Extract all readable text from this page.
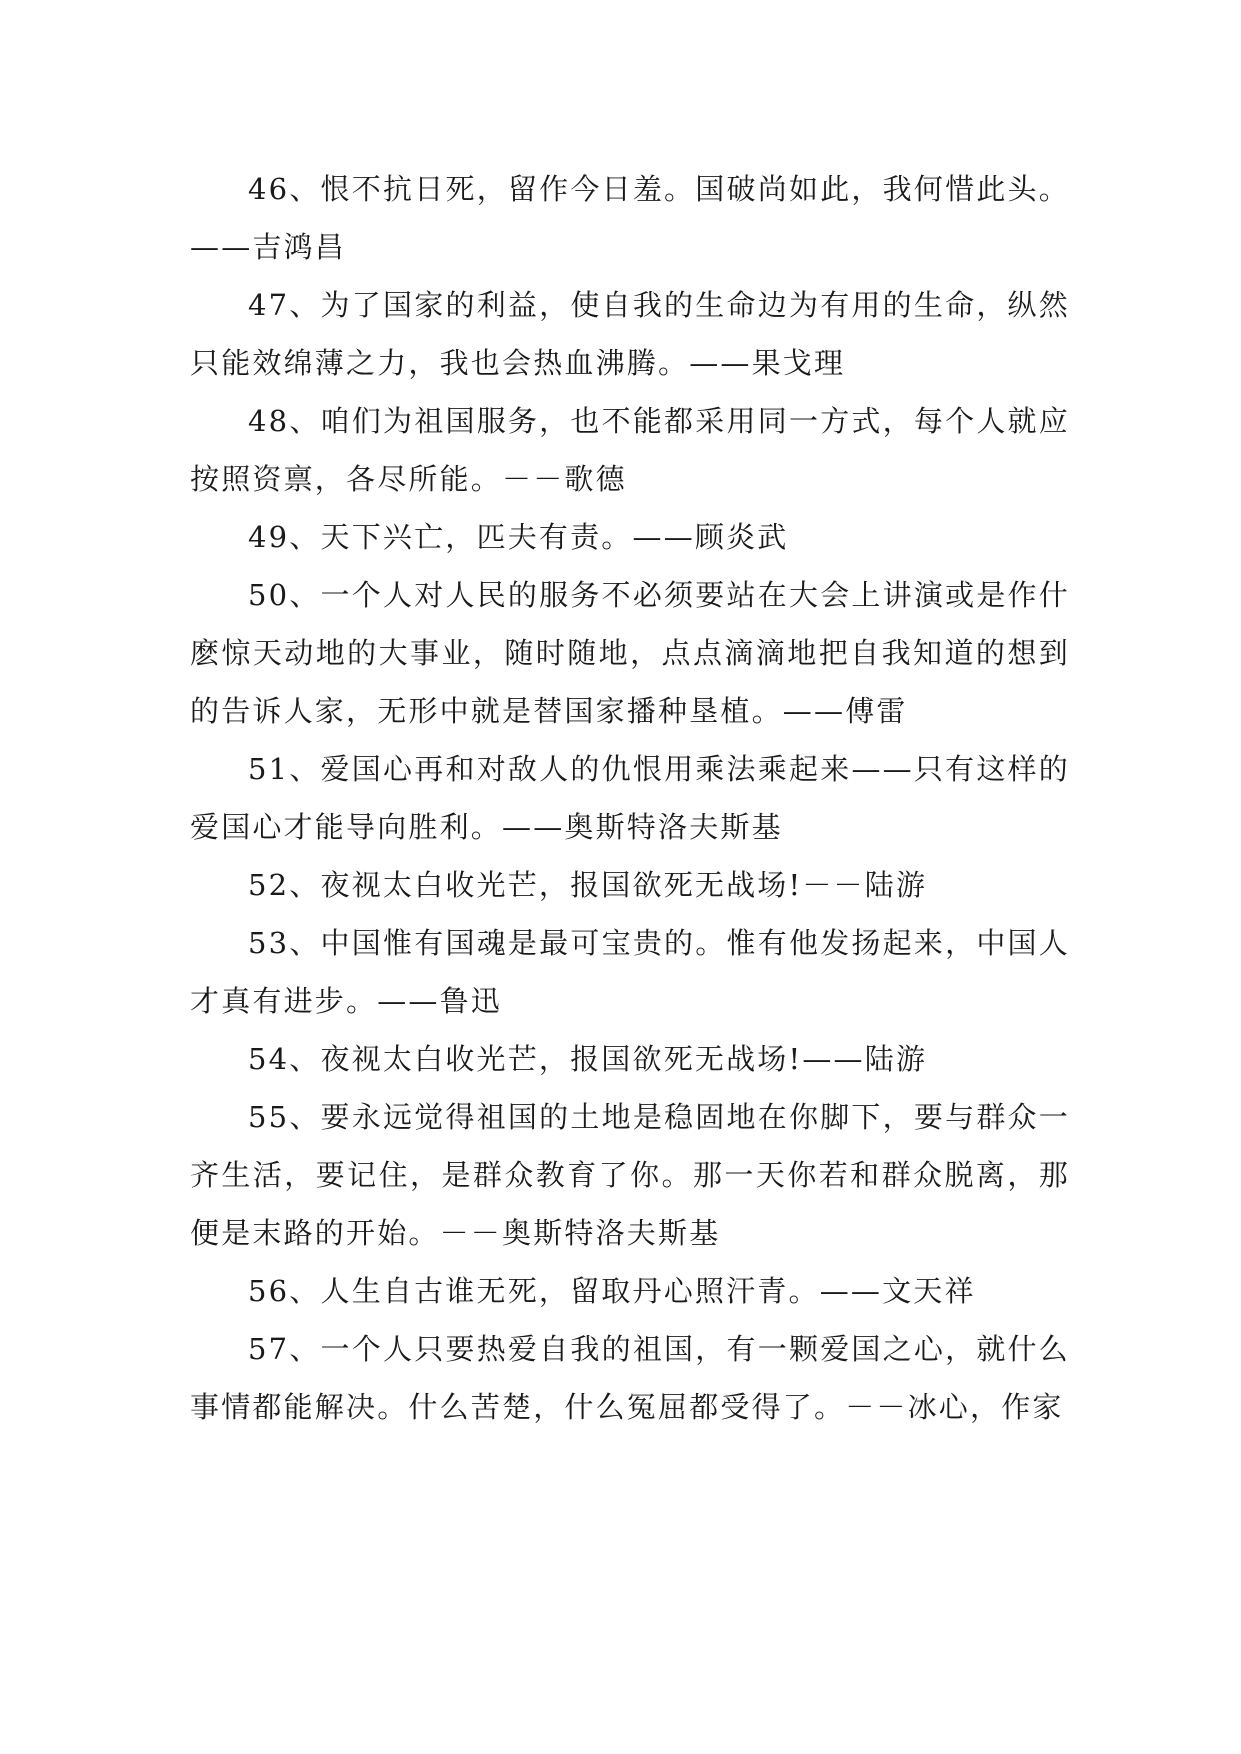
46、恨不抗日死，留作今日羞。国破尚如此，我何惜此头。——吉鸿昌

47、为了国家的利益，使自我的生命边为有用的生命，纵然只能效绵薄之力，我也会热血沸腾。——果戈理

48、咱们为祖国服务，也不能都采用同一方式，每个人就应按照资禀，各尽所能。－－歌德

49、天下兴亡，匹夫有责。——顾炎武

50、一个人对人民的服务不必须要站在大会上讲演或是作什麽惊天动地的大事业，随时随地，点点滴滴地把自我知道的想到的告诉人家，无形中就是替国家播种垦植。——傅雷

51、爱国心再和对敌人的仇恨用乘法乘起来——只有这样的爱国心才能导向胜利。——奥斯特洛夫斯基

52、夜视太白收光芒，报国欲死无战场!－－陆游

53、中国惟有国魂是最可宝贵的。惟有他发扬起来，中国人才真有进步。——鲁迅

54、夜视太白收光芒，报国欲死无战场!——陆游

55、要永远觉得祖国的土地是稳固地在你脚下，要与群众一齐生活，要记住，是群众教育了你。那一天你若和群众脱离，那便是末路的开始。－－奥斯特洛夫斯基

56、人生自古谁无死，留取丹心照汗青。——文天祥

57、一个人只要热爱自我的祖国，有一颗爱国之心，就什么事情都能解决。什么苦楚，什么冤屈都受得了。－－冰心，作家
